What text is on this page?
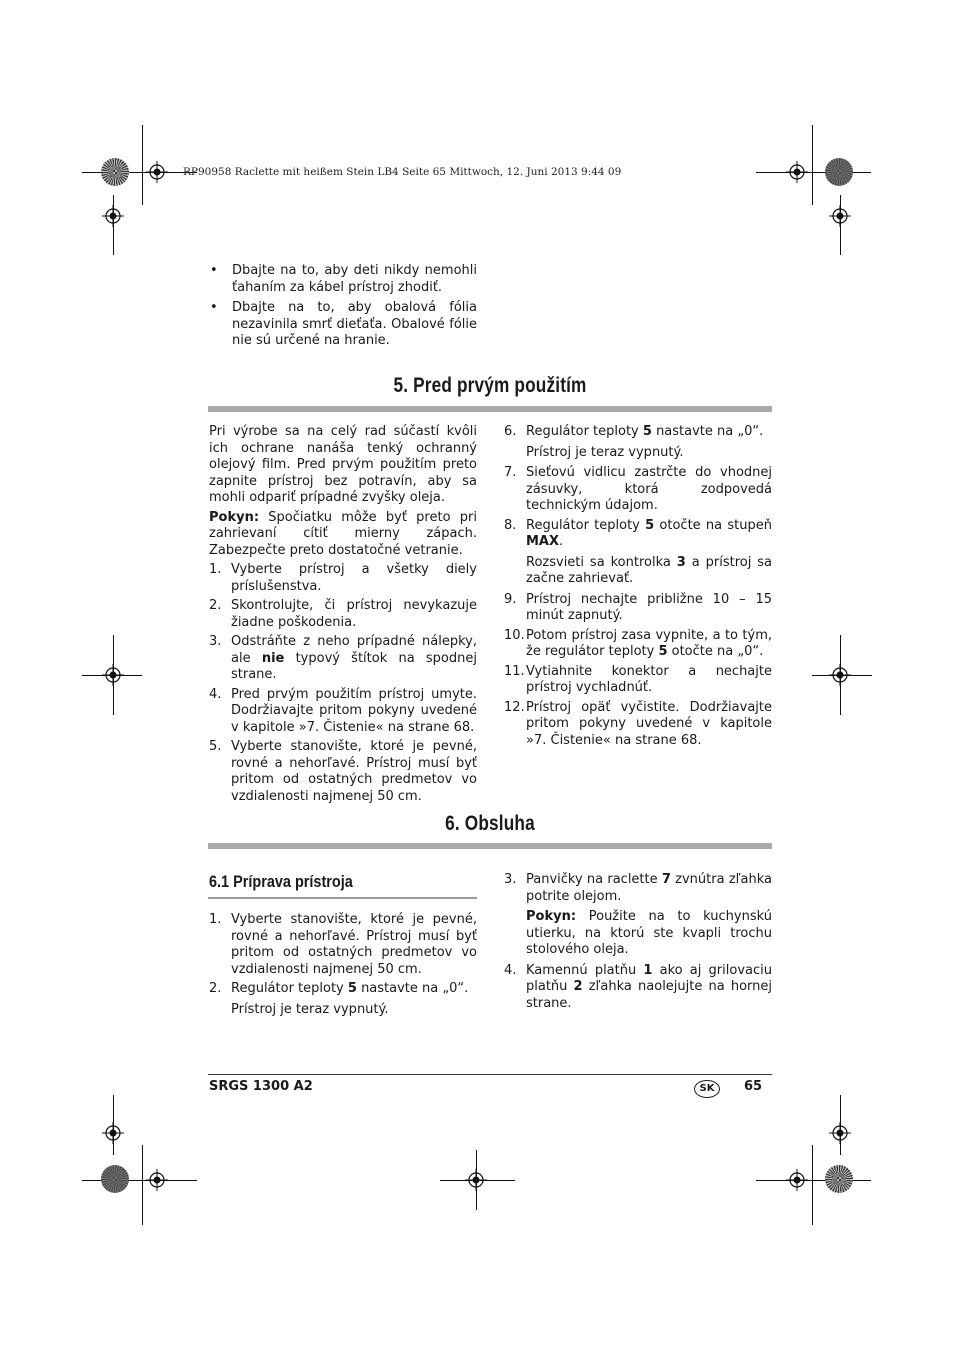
RP90958 Raclette mit heißem Stein LB4 Seite 65 Mittwoch, 12. Juni 2013 9:44 09
• Dbajte na to, aby deti nikdy nemohli ťahaním za kábel prístroj zhodiť.
• Dbajte na to, aby obalová fólia nezavinila smrť dieťaťa. Obalové fólie nie sú určené na hranie.
5. Pred prvým použitím
Pri výrobe sa na celý rad súčastí kvôli ich ochrane nanáša tenký ochranný olejový film. Pred prvým použitím preto zapnite prístroj bez potravín, aby sa mohli odpariť prípadné zvyšky oleja.
Pokyn: Spočiatku môže byť preto pri zahrievaní cítiť mierny zápach. Zabezpečte preto dostatočné vetranie.
1. Vyberte prístroj a všetky diely príslušenstva.
2. Skontrolujte, či prístroj nevykazuje žiadne poškodenia.
3. Odstráňte z neho prípadné nálepky, ale nie typový štítok na spodnej strane.
4. Pred prvým použitím prístroj umyte. Dodržiavajte pritom pokyny uvedené v kapitole »7. Čistenie« na strane 68.
5. Vyberte stanovište, ktoré je pevné, rovné a nehorľavé. Prístroj musí byť pritom od ostatných predmetov vo vzdialenosti najmenej 50 cm.
6. Regulátor teploty 5 nastavte na „0“.
Prístroj je teraz vypnutý.
7. Sieťovú vidlicu zastrčte do vhodnej zásuvky, ktorá zodpovedá technickým údajom.
8. Regulátor teploty 5 otočte na stupeň MAX.
Rozsvieti sa kontrolka 3 a prístroj sa začne zahrievať.
9. Prístroj nechajte približne 10 – 15 minút zapnutý.
10. Potom prístroj zasa vypnite, a to tým, že regulátor teploty 5 otočte na „0“.
11. Vytiahnite konektor a nechajte prístroj vychladnúť.
12. Prístroj opäť vyčistite. Dodržiavajte pritom pokyny uvedené v kapitole »7. Čistenie« na strane 68.
6. Obsluha
6.1 Príprava prístroja
1. Vyberte stanovište, ktoré je pevné, rovné a nehorľavé. Prístroj musí byť pritom od ostatných predmetov vo vzdialenosti najmenej 50 cm.
2. Regulátor teploty 5 nastavte na „0“.
Prístroj je teraz vypnutý.
3. Panvičky na raclette 7 zvnútra zľahka potrite olejom.
Pokyn: Použite na to kuchynskú utierku, na ktorú ste kvapli trochu stolového oleja.
4. Kamennú platňu 1 ako aj grilovaciu platňu 2 zľahka naolejujte na hornej strane.
SRGS 1300 A2	SK	65
